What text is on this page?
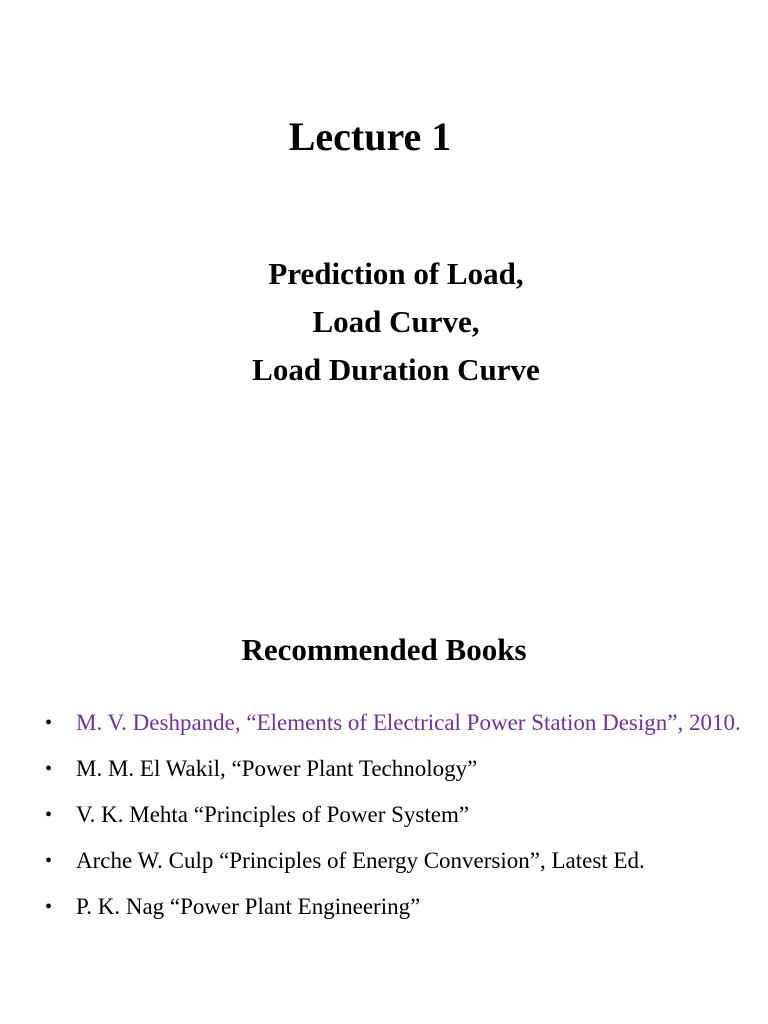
Lecture 1
Prediction of Load,
Load Curve,
Load Duration Curve
Recommended Books
• M. V. Deshpande, “Elements of Electrical Power Station Design”, 2010.
• M. M. El Wakil, “Power Plant Technology”
• V. K. Mehta “Principles of Power System”
• Arche W. Culp “Principles of Energy Conversion”, Latest Ed.
• P. K. Nag “Power Plant Engineering”
